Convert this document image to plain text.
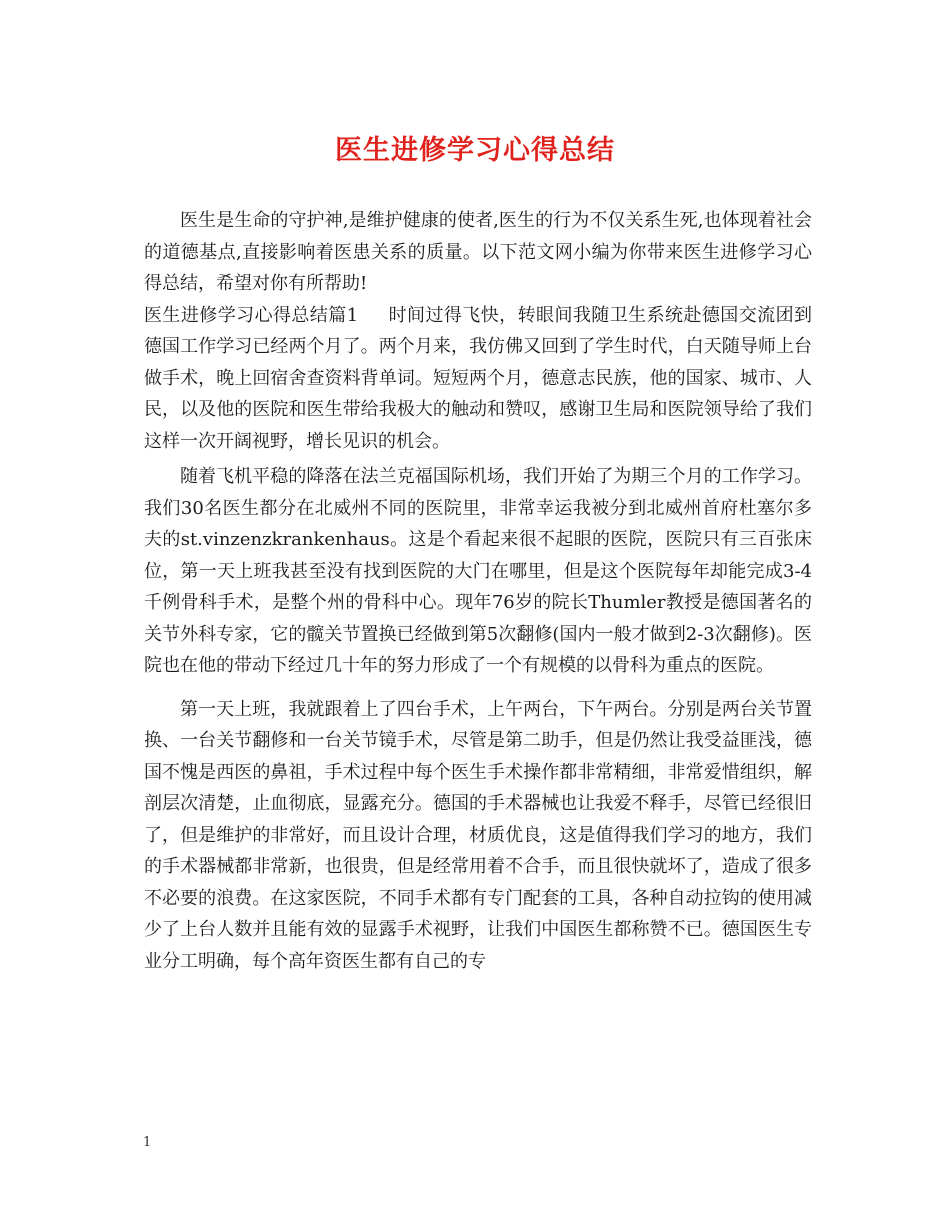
医生进修学习心得总结

医生是生命的守护神,是维护健康的使者,医生的行为不仅关系生死,也体现着社会的道德基点,直接影响着医患关系的质量。以下范文网小编为你带来医生进修学习心得总结，希望对你有所帮助!

医生进修学习心得总结篇1 时间过得飞快，转眼间我随卫生系统赴德国交流团到德国工作学习已经两个月了。两个月来，我仿佛又回到了学生时代，白天随导师上台做手术，晚上回宿舍查资料背单词。短短两个月，德意志民族，他的国家、城市、人民，以及他的医院和医生带给我极大的触动和赞叹，感谢卫生局和医院领导给了我们这样一次开阔视野，增长见识的机会。

随着飞机平稳的降落在法兰克福国际机场，我们开始了为期三个月的工作学习。我们30名医生都分在北威州不同的医院里，非常幸运我被分到北威州首府杜塞尔多夫的st.vinzenzkrankenhaus。这是个看起来很不起眼的医院，医院只有三百张床位，第一天上班我甚至没有找到医院的大门在哪里，但是这个医院每年却能完成3-4千例骨科手术，是整个州的骨科中心。现年76岁的院长Thumler教授是德国著名的关节外科专家，它的髋关节置换已经做到第5次翻修(国内一般才做到2-3次翻修)。医院也在他的带动下经过几十年的努力形成了一个有规模的以骨科为重点的医院。

第一天上班，我就跟着上了四台手术，上午两台，下午两台。分别是两台关节置换、一台关节翻修和一台关节镜手术，尽管是第二助手，但是仍然让我受益匪浅，德国不愧是西医的鼻祖，手术过程中每个医生手术操作都非常精细，非常爱惜组织，解剖层次清楚，止血彻底，显露充分。德国的手术器械也让我爱不释手，尽管已经很旧了，但是维护的非常好，而且设计合理，材质优良，这是值得我们学习的地方，我们的手术器械都非常新，也很贵，但是经常用着不合手，而且很快就坏了，造成了很多不必要的浪费。在这家医院，不同手术都有专门配套的工具，各种自动拉钩的使用减少了上台人数并且能有效的显露手术视野，让我们中国医生都称赞不已。德国医生专业分工明确，每个高年资医生都有自己的专

1
